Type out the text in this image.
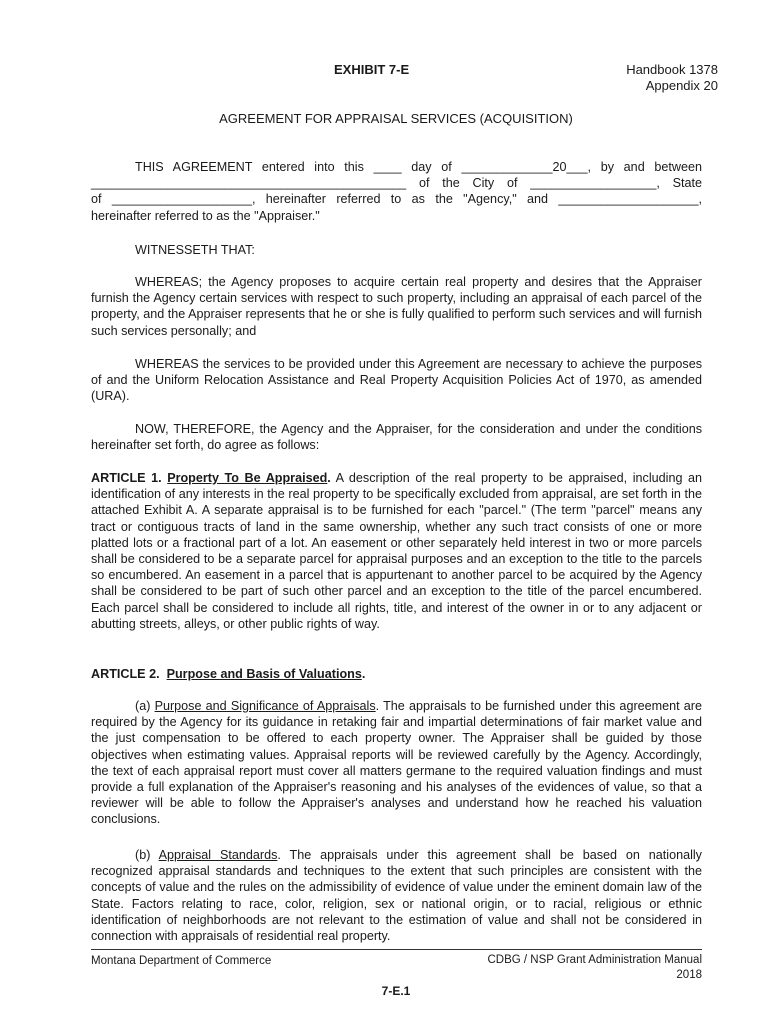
EXHIBIT 7-E	Handbook 1378
Appendix 20
AGREEMENT FOR APPRAISAL SERVICES (ACQUISITION)
THIS AGREEMENT entered into this ____ day of _____________20___, by and between
_____________________________________________ of the City of __________________, State
of ____________________, hereinafter referred to as the "Agency," and ____________________,
hereinafter referred to as the "Appraiser."
WITNESSETH THAT:

WHEREAS; the Agency proposes to acquire certain real property and desires that the Appraiser furnish the Agency certain services with respect to such property, including an appraisal of each parcel of the property, and the Appraiser represents that he or she is fully qualified to perform such services and will furnish such services personally; and

WHEREAS the services to be provided under this Agreement are necessary to achieve the purposes of and the Uniform Relocation Assistance and Real Property Acquisition Policies Act of 1970, as amended (URA).

NOW, THEREFORE, the Agency and the Appraiser, for the consideration and under the conditions hereinafter set forth, do agree as follows:

ARTICLE 1. Property To Be Appraised. A description of the real property to be appraised, including an identification of any interests in the real property to be specifically excluded from appraisal, are set forth in the attached Exhibit A. A separate appraisal is to be furnished for each "parcel." (The term "parcel" means any tract or contiguous tracts of land in the same ownership, whether any such tract consists of one or more platted lots or a fractional part of a lot. An easement or other separately held interest in two or more parcels shall be considered to be a separate parcel for appraisal purposes and an exception to the title to the parcels so encumbered. An easement in a parcel that is appurtenant to another parcel to be acquired by the Agency shall be considered to be part of such other parcel and an exception to the title of the parcel encumbered. Each parcel shall be considered to include all rights, title, and interest of the owner in or to any adjacent or abutting streets, alleys, or other public rights of way.

ARTICLE 2.  Purpose and Basis of Valuations.

(a) Purpose and Significance of Appraisals. The appraisals to be furnished under this agreement are required by the Agency for its guidance in retaking fair and impartial determinations of fair market value and the just compensation to be offered to each property owner. The Appraiser shall be guided by those objectives when estimating values. Appraisal reports will be reviewed carefully by the Agency. Accordingly, the text of each appraisal report must cover all matters germane to the required valuation findings and must provide a full explanation of the Appraiser's reasoning and his analyses of the evidences of value, so that a reviewer will be able to follow the Appraiser's analyses and understand how he reached his valuation conclusions.

(b) Appraisal Standards. The appraisals under this agreement shall be based on nationally recognized appraisal standards and techniques to the extent that such principles are consistent with the concepts of value and the rules on the admissibility of evidence of value under the eminent domain law of the State. Factors relating to race, color, religion, sex or national origin, or to racial, religious or ethnic identification of neighborhoods are not relevant to the estimation of value and shall not be considered in connection with appraisals of residential real property.

Montana Department of Commerce	CDBG / NSP Grant Administration Manual
2018
7-E.1
